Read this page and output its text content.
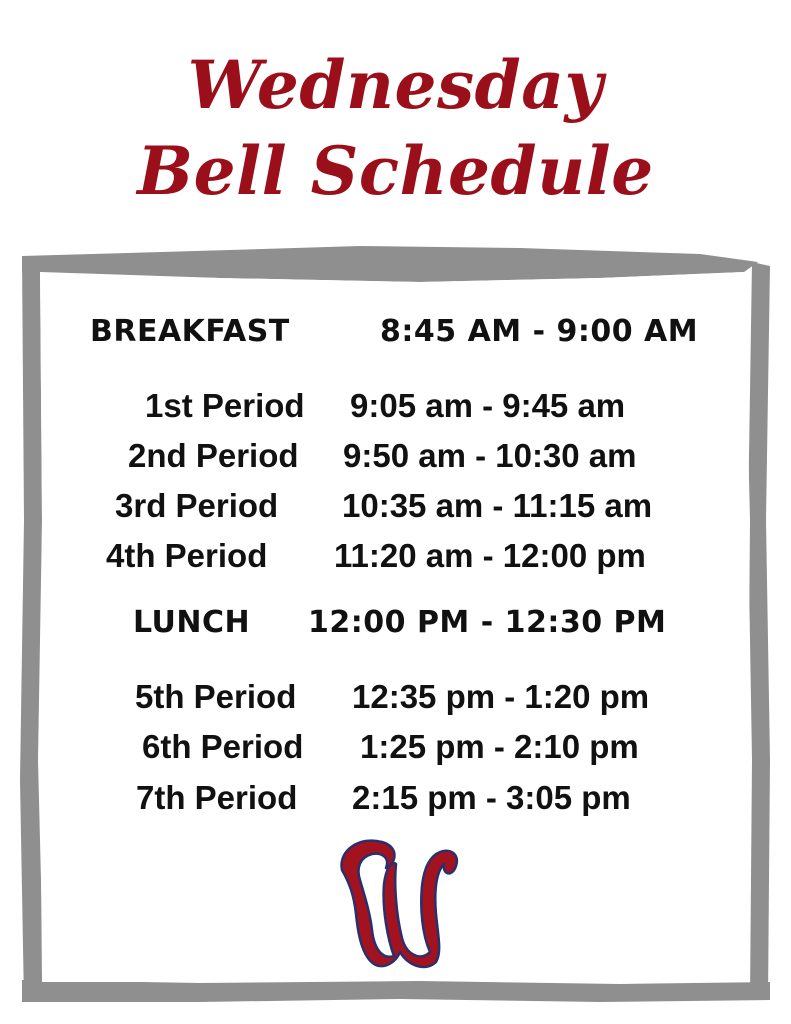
Wednesday
Bell Schedule
BREAKFAST	8:45 AM - 9:00 AM
1st Period 9:05 am - 9:45 am
2nd Period 9:50 am - 10:30 am
3rd Period 10:35 am - 11:15 am
4th Period 11:20 am - 12:00 pm
LUNCH 12:00 PM - 12:30 PM
5th Period 12:35 pm - 1:20 pm
6th Period 1:25 pm - 2:10 pm
7th Period 2:15 pm - 3:05 pm
